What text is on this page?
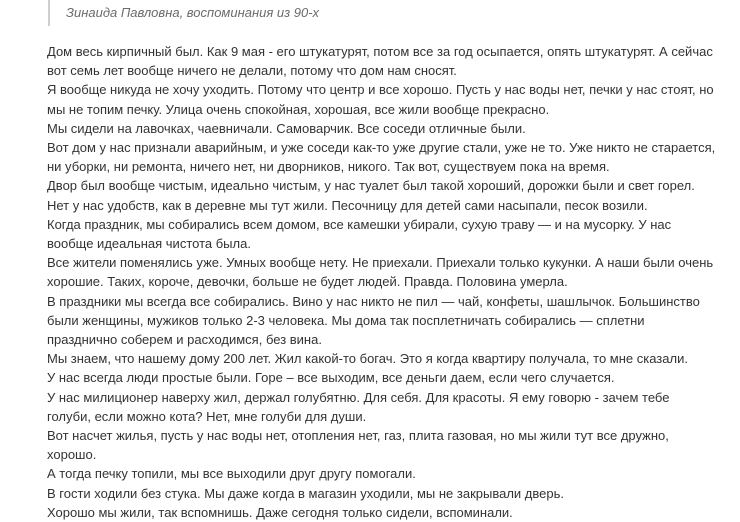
Зинаида Павловна, воспоминания из 90-х

Дом весь кирпичный был. Как 9 мая - его штукатурят, потом все за год осыпается, опять штукатурят. А сейчас вот семь лет вообще ничего не делали, потому что дом нам сносят.

Я вообще никуда не хочу уходить. Потому что центр и все хорошо. Пусть у нас воды нет, печки у нас стоят, но мы не топим печку. Улица очень спокойная, хорошая, все жили вообще прекрасно.

Мы сидели на лавочках, чаевничали. Самоварчик. Все соседи отличные были.

Вот дом у нас признали аварийным, и уже соседи как-то уже другие стали, уже не то. Уже никто не старается, ни уборки, ни ремонта, ничего нет, ни дворников, никого. Так вот, существуем пока на время.

Двор был вообще чистым, идеально чистым, у нас туалет был такой хороший, дорожки были и свет горел. Нет у нас удобств, как в деревне мы тут жили. Песочницу для детей сами насыпали, песок возили.

Когда праздник, мы собирались всем домом, все камешки убирали, сухую траву — и на мусорку. У нас вообще идеальная чистота была.

Все жители поменялись уже. Умных вообще нету. Не приехали. Приехали только кукунки. А наши были очень хорошие. Таких, короче, девочки, больше не будет людей. Правда. Половина умерла.

В праздники мы всегда все собирались. Вино у нас никто не пил — чай, конфеты, шашлычок. Большинство были женщины, мужиков только 2-3 человека. Мы дома так посплетничать собирались — сплетни празднично соберем и расходимся, без вина.

Мы знаем, что нашему дому 200 лет. Жил какой-то богач. Это я когда квартиру получала, то мне сказали.

У нас всегда люди простые были. Горе – все выходим, все деньги даем, если чего случается.

У нас милиционер наверху жил, держал голубятню. Для себя. Для красоты. Я ему говорю - зачем тебе голуби, если можно кота? Нет, мне голуби для души.

Вот насчет жилья, пусть у нас воды нет, отопления нет, газ, плита газовая, но мы жили тут все дружно, хорошо.

А тогда печку топили, мы все выходили друг другу помогали.

В гости ходили без стука. Мы даже когда в магазин уходили, мы не закрывали дверь.

Хорошо мы жили, так вспомнишь. Даже сегодня только сидели, вспоминали.
